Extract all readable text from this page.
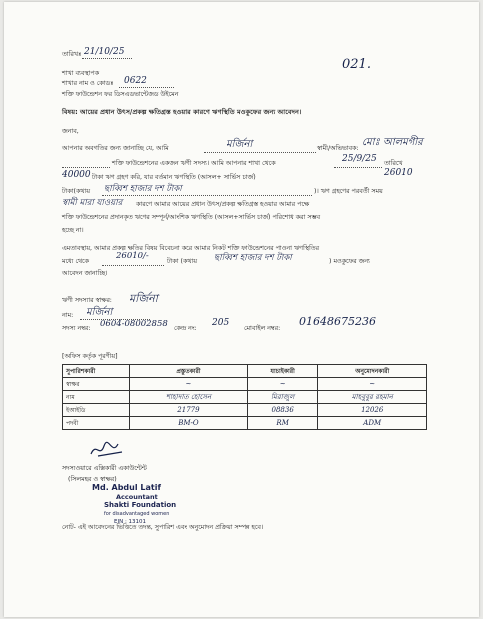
তারিখঃ 21/10/25
021.
শাখা ব্যবস্থাপক
শাখার নাম ও কোডঃ 0622
শক্তি ফাউন্ডেশন ফর ডিসএডভান্টেজড উইমেন
বিষয়: আয়ের প্রধান উৎস/প্রকল্প ক্ষতিগ্রস্ত হওয়ার কারণে ঋণস্থিতি মওকুফের জন্য আবেদন।
জনাব,
আপনার অবগতির জন্য জানাচ্ছি যে, আমি	মর্জিনা	স্বামী/অভিভাবক:
মোঃ আলমগীর
শক্তি ফাউন্ডেশনের একজন ঋণী সদস্য। আমি আপনার শাখা থেকে	25/9/25 তারিখে
40000 টাকা ঋণ গ্রহণ করি, যার বর্তমান ঋণস্থিতি (আসল+ সার্ভিস চার্জ)	26010
টাকা(কথায় ছাব্বিশ হাজার দশ টাকা	)। ঋণ গ্রহণের পরবর্তী সময়
স্বামী মারা যাওয়ার কারণে আমার আয়ের প্রধান উৎস/প্রকল্প ক্ষতিগ্রস্ত হওয়ার আমার পক্ষে
শক্তি ফাউন্ডেশনের প্রদানকৃত ঋণের সম্পূর্ন/আংশিক ঋণস্থিতি (আসল+সার্ভিস চার্জ) পরিশোধ করা সম্ভব
হচ্ছে না।
এমতাবস্থায়, আমার প্রকল্প ক্ষতির বিষয় বিবেচনা করে আমার নিকট শক্তি ফাউন্ডেশনের পাওনা ঋণস্থিতির
মধ্যে থেকে
26010/-
টাকা (কথায় ছাব্বিশ হাজার দশ টাকা	) মওকুফের জন্য
আবেদন জানাচ্ছি।
ঋণী সদস্যার স্বাক্ষর: মর্জিনা
নাম: মর্জিনা
সদস্য নম্বর: 0604-08002858 কেন্দ্র নং:
205
মোবাইল নম্বর:
01648675236
[অফিস কর্তৃক পূরণীয়]
সুপারিশকারী	প্রস্তুতকারী	যাচাইকারী	অনুমোদনকারী
স্বাক্ষর	~	~	~
নাম	শাহাদাত হোসেন	মিরাজুল	মাহবুবুর রহমান
ইআইডি	21779	08836	12026
পদবী	BM-O	RM	ADM
সদস্যওয়ারে এক্সিকারী একাউন্টেন্ট
(সিলমহর ও স্বাক্ষর)
Md. Abdul Latif
Accountant
Shakti Foundation
for disadvantaged women
EIN : 13101
নোট- এই আবেদনের ভিত্তিতে তদন্ত, সুপারিশ এবং অনুমোদন প্রক্রিয়া সম্পন্ন হবে।
